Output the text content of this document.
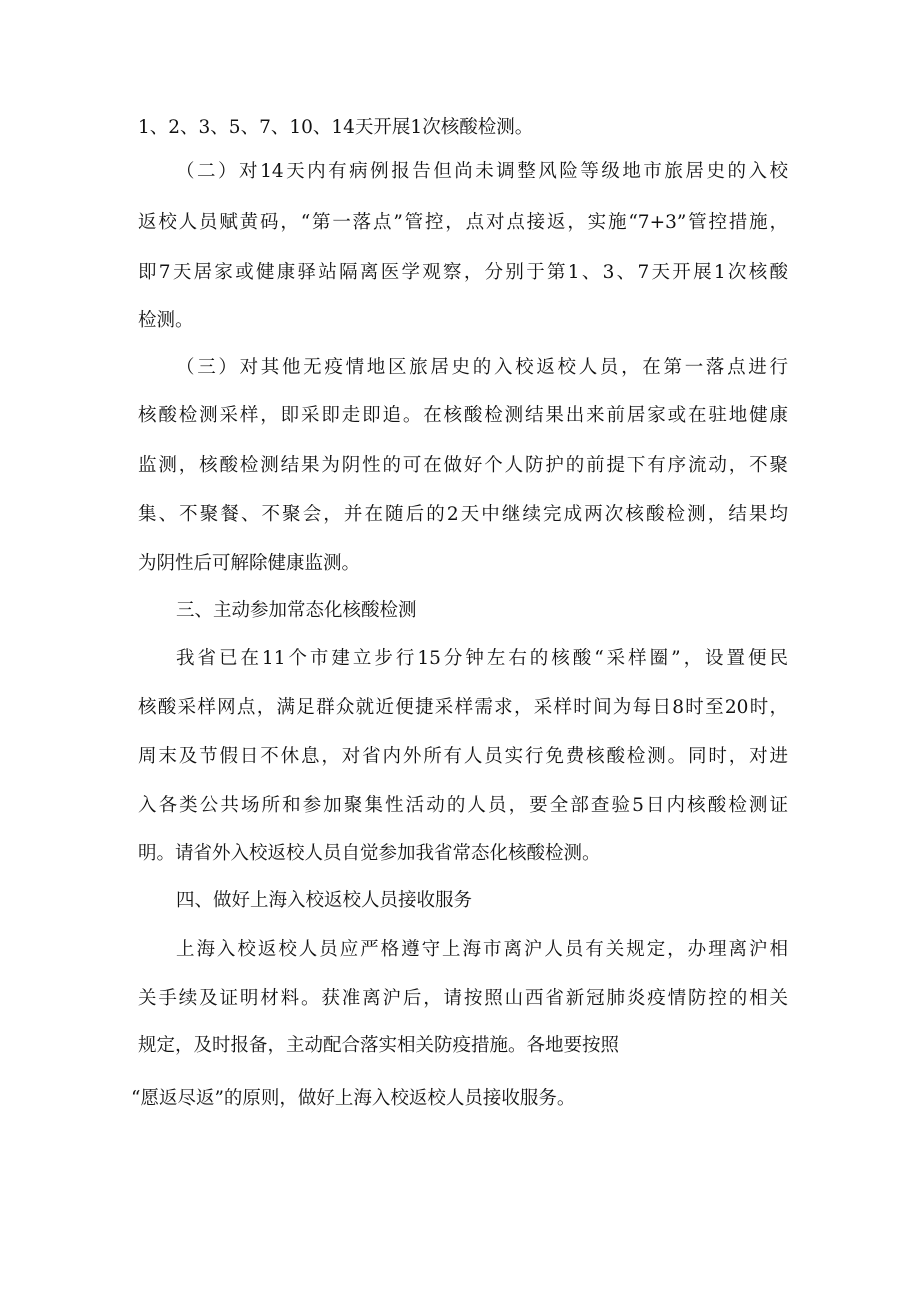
1、2、3、5、7、10、14天开展1次核酸检测。
（二）对14天内有病例报告但尚未调整风险等级地市旅居史的入校
返校人员赋黄码，“第一落点”管控，点对点接返，实施“7+3”管控措施，
即7天居家或健康驿站隔离医学观察，分别于第1、3、7天开展1次核酸
检测。
（三）对其他无疫情地区旅居史的入校返校人员，在第一落点进行
核酸检测采样，即采即走即追。在核酸检测结果出来前居家或在驻地健康
监测，核酸检测结果为阴性的可在做好个人防护的前提下有序流动，不聚
集、不聚餐、不聚会，并在随后的2天中继续完成两次核酸检测，结果均
为阴性后可解除健康监测。
三、主动参加常态化核酸检测
我省已在11个市建立步行15分钟左右的核酸“采样圈”，设置便民
核酸采样网点，满足群众就近便捷采样需求，采样时间为每日8时至20时，
周末及节假日不休息，对省内外所有人员实行免费核酸检测。同时，对进
入各类公共场所和参加聚集性活动的人员，要全部查验5日内核酸检测证
明。请省外入校返校人员自觉参加我省常态化核酸检测。
四、做好上海入校返校人员接收服务
上海入校返校人员应严格遵守上海市离沪人员有关规定，办理离沪相
关手续及证明材料。获准离沪后，请按照山西省新冠肺炎疫情防控的相关
规定，及时报备，主动配合落实相关防疫措施。各地要按照
“愿返尽返”的原则，做好上海入校返校人员接收服务。
